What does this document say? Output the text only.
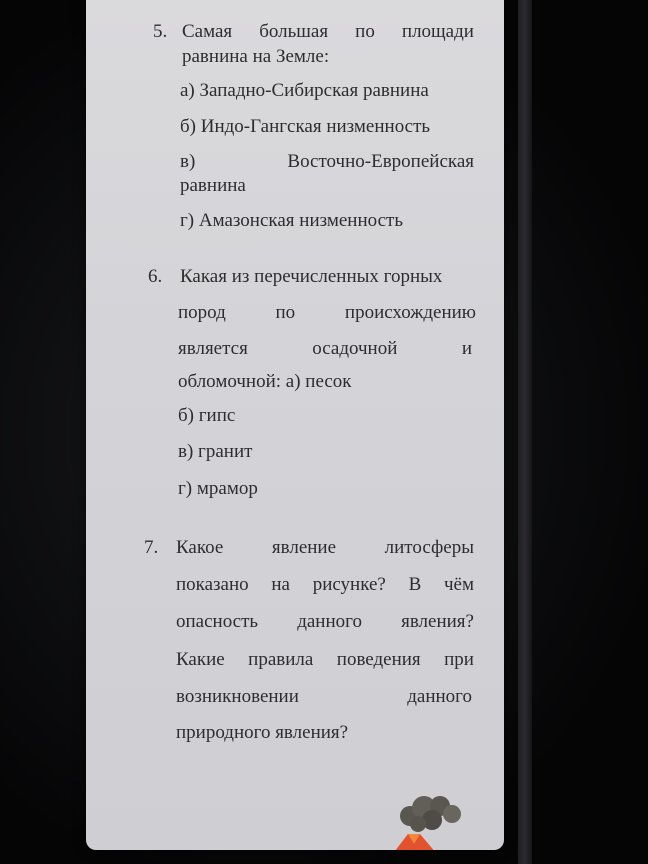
5. Самая большая по площади
равнина на Земле:
а) Западно-Сибирская равнина
б) Индо-Гангская низменность
в)	Восточно-Европейская
равнина
г) Амазонская низменность
6. Какая из перечисленных горных
пород	по	происхождению
является	осадочной	и
обломочной: а) песок
б) гипс
в) гранит
г) мрамор
7. Какое	явление	литосферы
показано на рисунке? В чём
опасность данного явления?
Какие правила поведения при
возникновении	данного
природного явления?
